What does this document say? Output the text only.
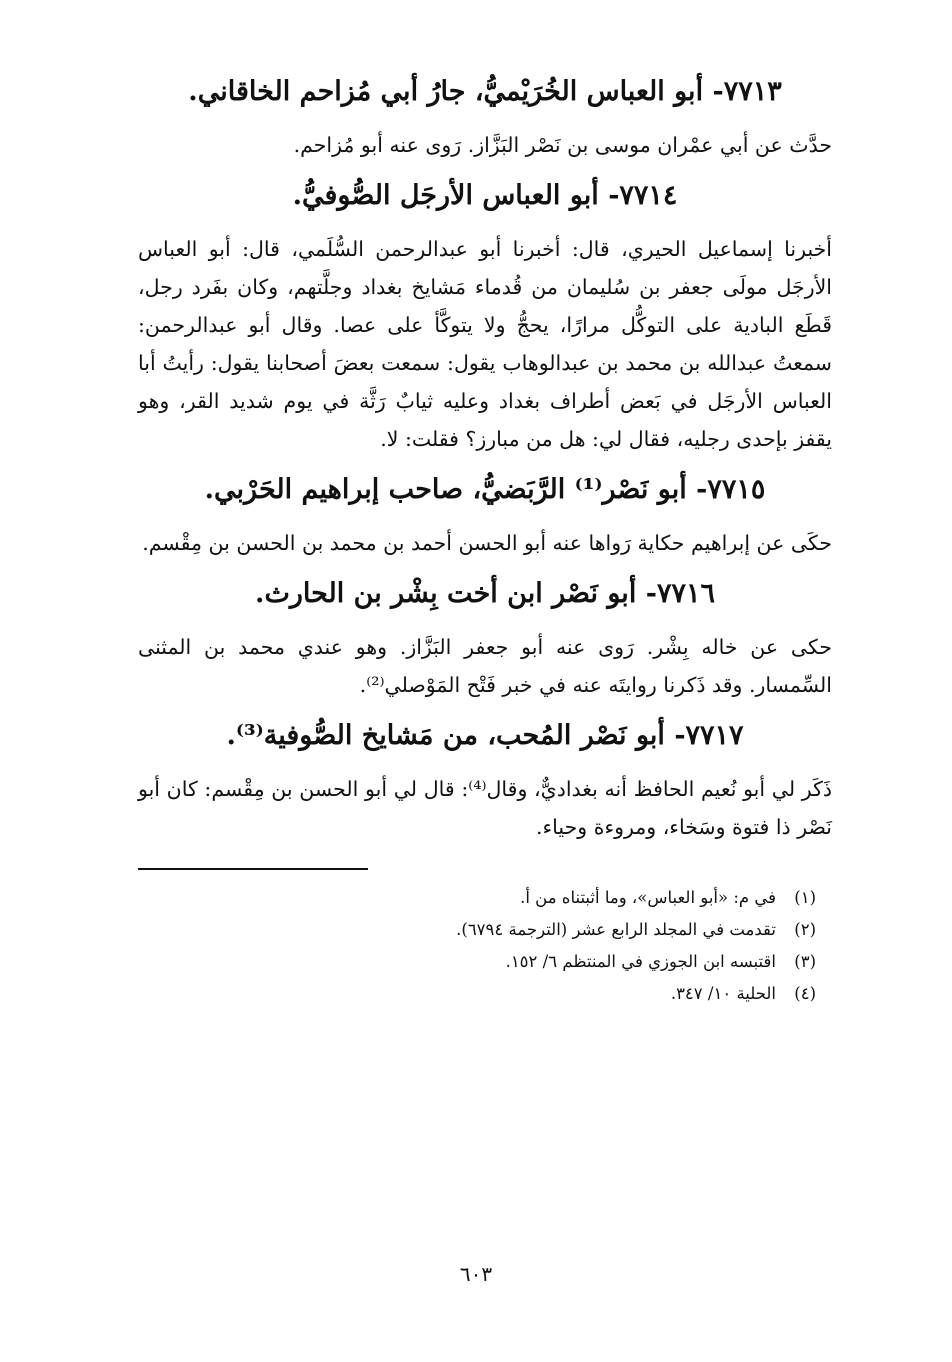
٧٧١٣- أبو العباس الخُرَيْميُّ، جارُ أبي مُزاحم الخاقاني.

حدَّث عن أبي عمْران موسى بن نَصْر البَزَّاز. رَوى عنه أبو مُزاحم.

٧٧١٤- أبو العباس الأرجَل الصُّوفيُّ.

أخبرنا إسماعيل الحيري، قال: أخبرنا أبو عبدالرحمن السُّلَمي، قال: أبو العباس الأرجَل مولَى جعفر بن سُليمان من قُدماء مَشايخ بغداد وجلَّتهم، وكان بفَرد رجل، قَطَع البادية على التوكُّل مرارًا، يحجُّ ولا يتوكَّأ على عصا. وقال أبو عبدالرحمن: سمعتُ عبدالله بن محمد بن عبدالوهاب يقول: سمعت بعضَ أصحابنا يقول: رأيتُ أبا العباس الأرجَل في بَعض أطراف بغداد وعليه ثيابٌ رَثَّة في يوم شديد القر، وهو يقفز بإحدى رجليه، فقال لي: هل من مبارز؟ فقلت: لا.

٧٧١٥- أبو نَصْر⁽¹⁾ الرَّبَضيُّ، صاحب إبراهيم الحَرْبي.

حكَى عن إبراهيم حكاية رَواها عنه أبو الحسن أحمد بن محمد بن الحسن بن مِقْسم.

٧٧١٦- أبو نَصْر ابن أخت بِشْر بن الحارث.

حكى عن خاله بِشْر. رَوى عنه أبو جعفر البَزَّاز. وهو عندي محمد بن المثنى السِّمسار. وقد ذَكرنا روايتَه عنه في خبر فَتْح المَوْصلي⁽²⁾.

٧٧١٧- أبو نَصْر المُحب، من مَشايخ الصُّوفية⁽³⁾.

ذَكَر لي أبو نُعيم الحافظ أنه بغداديٌّ، وقال⁽⁴⁾: قال لي أبو الحسن بن مِقْسم: كان أبو نَصْر ذا فتوة وسَخاء، ومروءة وحياء.

(١)
في م: «أبو العباس»، وما أثبتناه من أ.
(٢)
تقدمت في المجلد الرابع عشر (الترجمة ٦٧٩٤).
(٣)
اقتبسه ابن الجوزي في المنتظم ٦/ ١٥٢.
(٤)
الحلية ١٠/ ٣٤٧.
٦٠٣
